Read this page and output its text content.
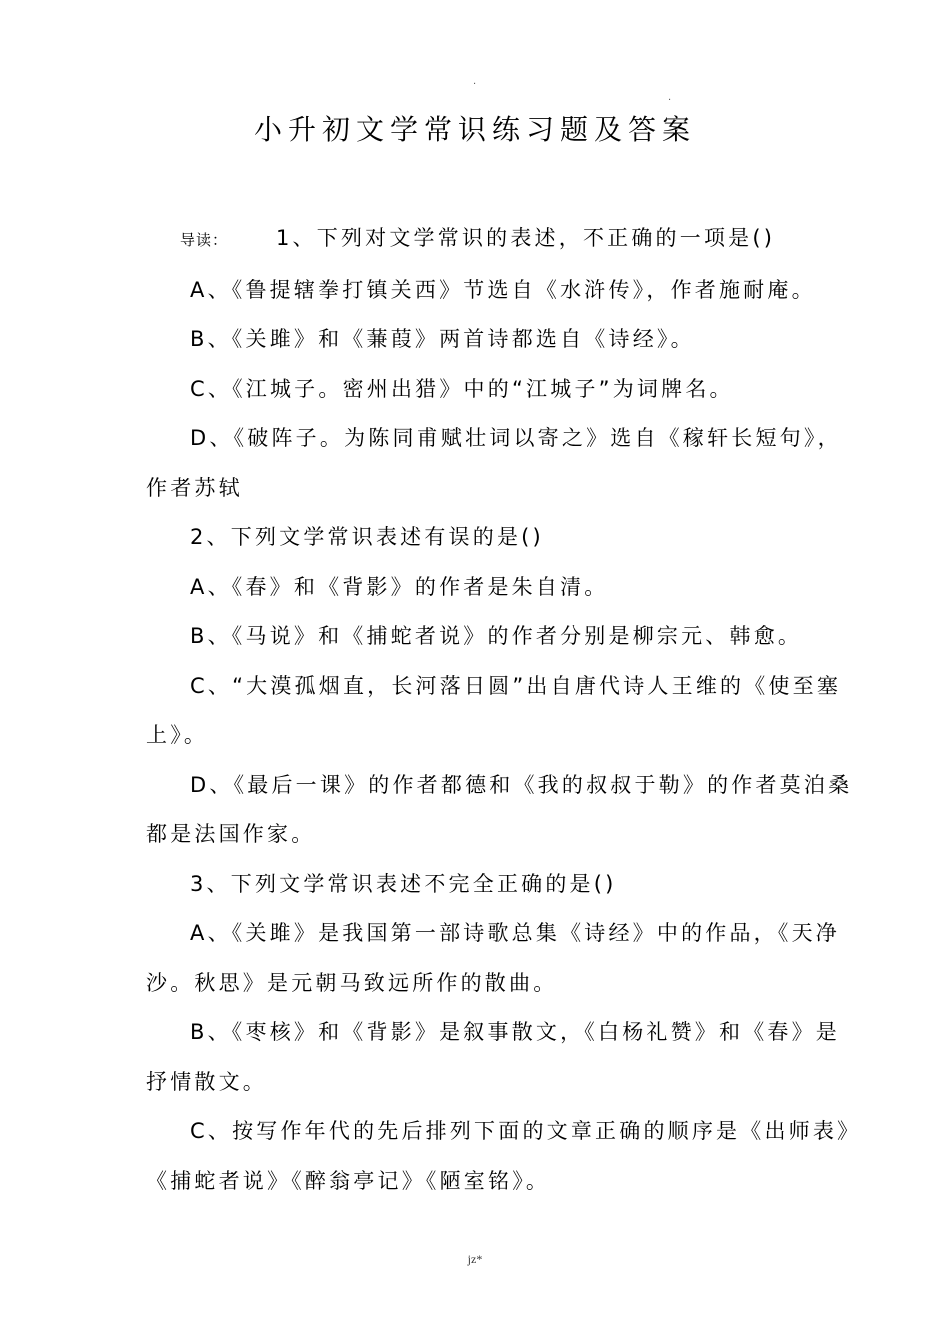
.
.
小升初文学常识练习题及答案
导读： 1、下列对文学常识的表述，不正确的一项是()
A、《鲁提辖拳打镇关西》节选自《水浒传》，作者施耐庵。
B、《关雎》和《蒹葭》两首诗都选自《诗经》。
C、《江城子。密州出猎》中的“江城子”为词牌名。
D、《破阵子。为陈同甫赋壮词以寄之》选自《稼轩长短句》，
作者苏轼
2、下列文学常识表述有误的是()
A、《春》和《背影》的作者是朱自清。
B、《马说》和《捕蛇者说》的作者分别是柳宗元、韩愈。
C、“大漠孤烟直，长河落日圆”出自唐代诗人王维的《使至塞
上》。
D、《最后一课》的作者都德和《我的叔叔于勒》的作者莫泊桑
都是法国作家。
3、下列文学常识表述不完全正确的是()
A、《关雎》是我国第一部诗歌总集《诗经》中的作品，《天净
沙。秋思》是元朝马致远所作的散曲。
B、《枣核》和《背影》是叙事散文，《白杨礼赞》和《春》是
抒情散文。
C、按写作年代的先后排列下面的文章正确的顺序是《出师表》
《捕蛇者说》《醉翁亭记》《陋室铭》。
jz*
